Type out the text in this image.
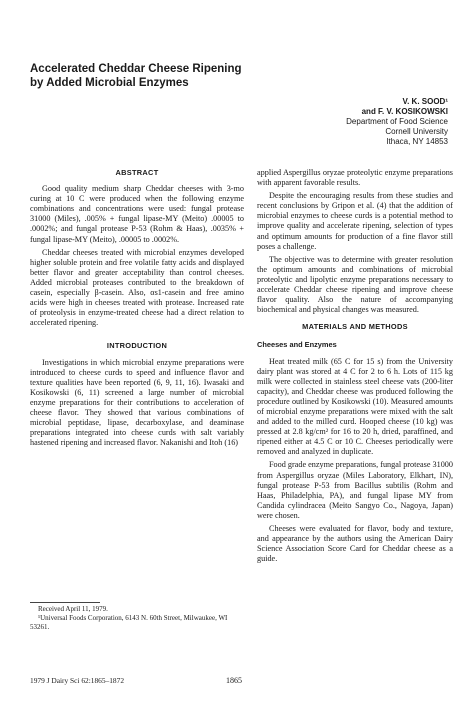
Accelerated Cheddar Cheese Ripening
by Added Microbial Enzymes
V. K. SOOD¹
and F. V. KOSIKOWSKI
Department of Food Science
Cornell University
Ithaca, NY 14853
ABSTRACT

Good quality medium sharp Cheddar cheeses with 3-mo curing at 10 C were produced when the following enzyme combinations and concentrations were used: fungal protease 31000 (Miles), .005% + fungal lipase-MY (Meito) .00005 to .0002%; and fungal protease P-53 (Rohm & Haas), .0035% + fungal lipase-MY (Meito), .00005 to .0002%.

Cheddar cheeses treated with microbial enzymes developed higher soluble protein and free volatile fatty acids and displayed better flavor and greater acceptability than control cheeses. Added microbial proteases contributed to the breakdown of casein, especially β-casein. Also, αs1-casein and free amino acids were high in cheeses treated with protease. Increased rate of proteolysis in enzyme-treated cheese had a direct relation to accelerated ripening.

INTRODUCTION

Investigations in which microbial enzyme preparations were introduced to cheese curds to speed and influence flavor and texture qualities have been reported (6, 9, 11, 16). Iwasaki and Kosikowski (6, 11) screened a large number of microbial enzyme preparations for their contributions to acceleration of cheese flavor. They showed that various combinations of microbial peptidase, lipase, decarboxylase, and deaminase preparations integrated into cheese curds with salt variably hastened ripening and increased flavor. Nakanishi and Itoh (16)

Received April 11, 1979.
¹Universal Foods Corporation, 6143 N. 60th Street, Milwaukee, WI 53261.

applied Aspergillus oryzae proteolytic enzyme preparations with apparent favorable results.

Despite the encouraging results from these studies and recent conclusions by Gripon et al. (4) that the addition of microbial enzymes to cheese curds is a potential method to improve quality and accelerate ripening, selection of types and optimum amounts for production of a fine flavor still poses a challenge.

The objective was to determine with greater resolution the optimum amounts and combinations of microbial proteolytic and lipolytic enzyme preparations necessary to accelerate Cheddar cheese ripening and improve cheese flavor quality. Also the nature of accompanying biochemical and physical changes was measured.

MATERIALS AND METHODS
Cheeses and Enzymes

Heat treated milk (65 C for 15 s) from the University dairy plant was stored at 4 C for 2 to 6 h. Lots of 115 kg milk were collected in stainless steel cheese vats (200-liter capacity), and Cheddar cheese was produced following the procedure outlined by Kosikowski (10). Measured amounts of microbial enzyme preparations were mixed with the salt and added to the milled curd. Hooped cheese (10 kg) was pressed at 2.8 kg/cm² for 16 to 20 h, dried, paraffined, and ripened either at 4.5 C or 10 C. Cheeses periodically were removed and analyzed in duplicate.

Food grade enzyme preparations, fungal protease 31000 from Aspergillus oryzae (Miles Laboratory, Elkhart, IN), fungal protease P-53 from Bacillus subtilis (Rohm and Haas, Philadelphia, PA), and fungal lipase MY from Candida cylindracea (Meito Sangyo Co., Nagoya, Japan) were chosen.

Cheeses were evaluated for flavor, body and texture, and appearance by the authors using the American Dairy Science Association Score Card for Cheddar cheese as a guide.

1979 J Dairy Sci 62:1865–1872	1865
